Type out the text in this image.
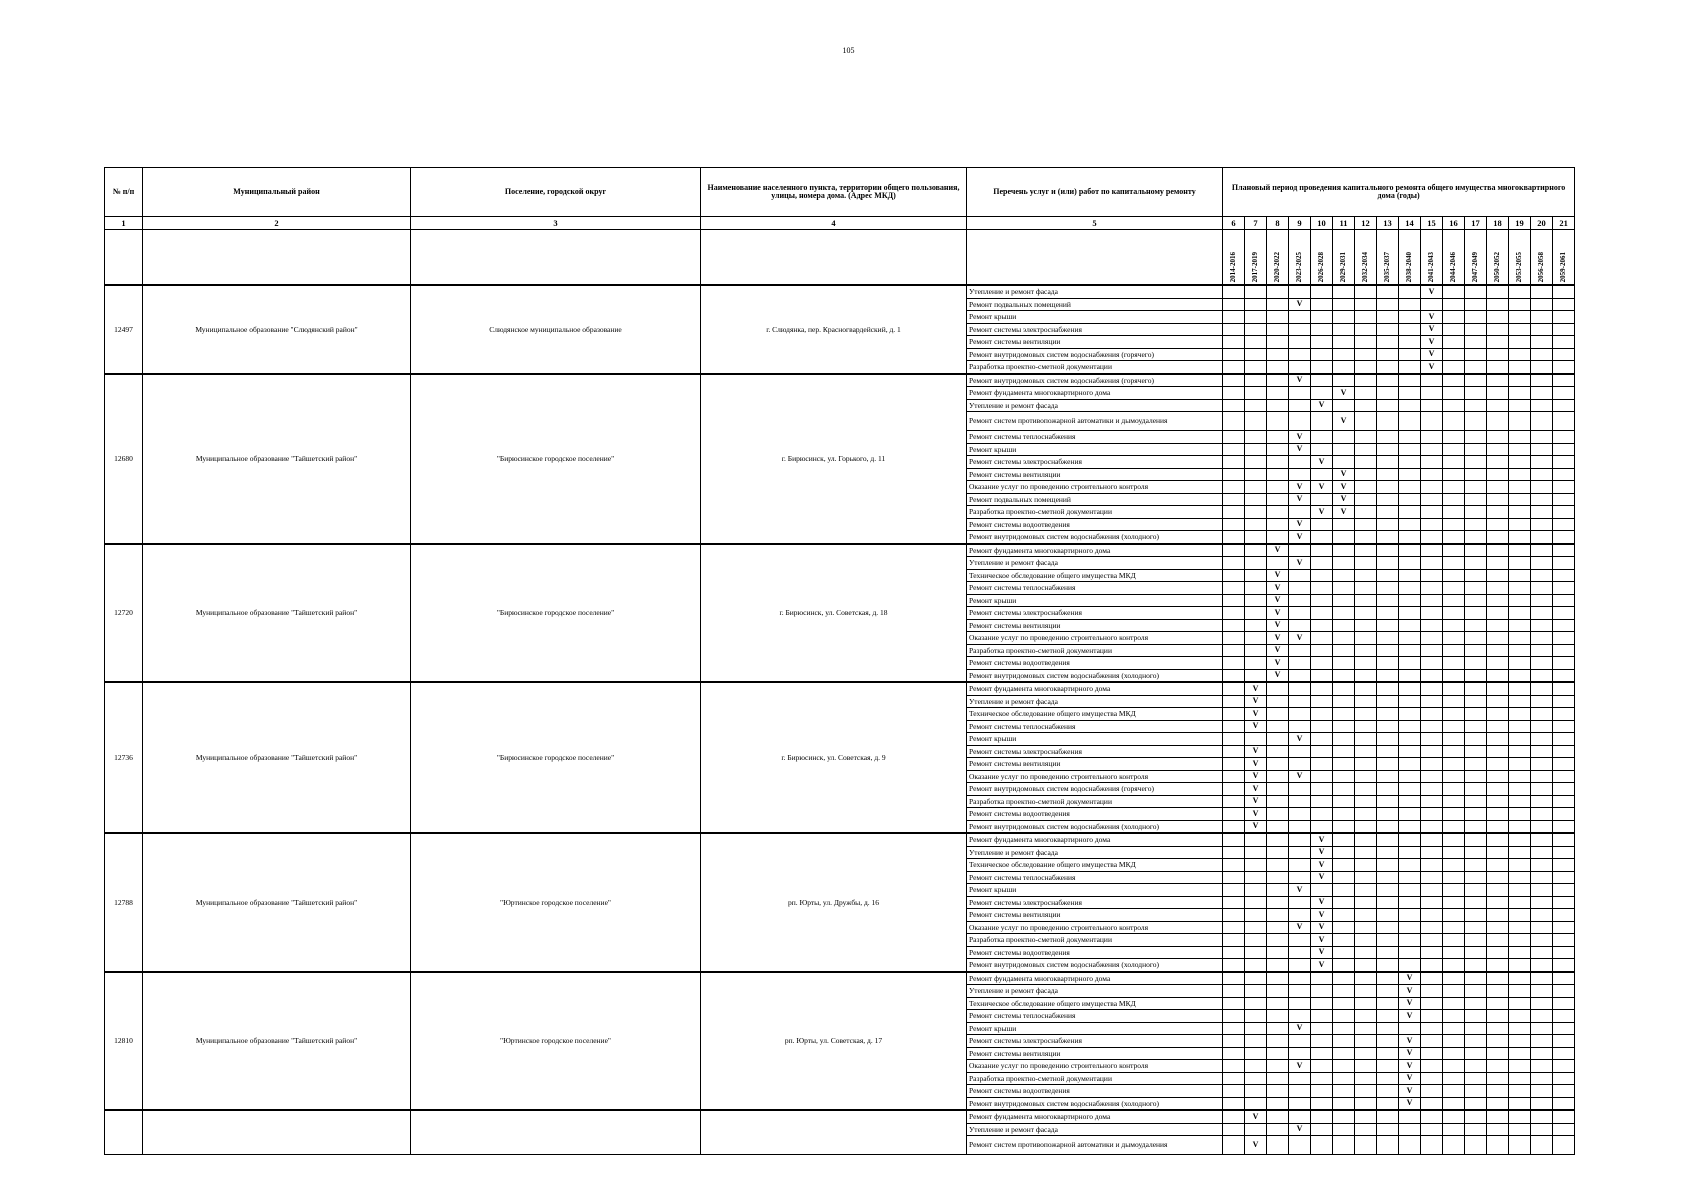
105
№ п/п	Муниципальный район	Поселение, городской округ	Наименование населенного пункта, территории общего пользования, улицы, номера дома. (Адрес МКД)	Перечень услуг и (или) работ по капитальному ремонту	Плановый период проведения капитального ремонта общего имущества многоквартирного дома (годы)															
1	2	3	4	5	6	7	8	9	10	11	12	13	14	15	16	17	18	19	20	21

					2014-2016	2017-2019	2020-2022	2023-2025	2026-2028	2029-2031	2032-2034	2035-2037	2038-2040	2041-2043	2044-2046	2047-2049	2050-2052	2053-2055	2056-2058	2059-2061

12497	Муниципальное образование "Слюдянский район"	Слюдянское муниципальное образование	г. Слюдянка, пер. Красногвардейский, д. 1	Утепление и ремонт фасада										V						
				Ремонт подвальных помещений				V												
				Ремонт крыши										V						
				Ремонт системы электроснабжения										V						
				Ремонт системы вентиляции										V						
				Ремонт внутридомовых систем водоснабжения (горячего)										V						
				Разработка проектно-сметной документации										V						
12680	Муниципальное образование "Тайшетский район"	"Бирюсинское городское поселение"	г. Бирюсинск, ул. Горького, д. 11	Ремонт внутридомовых систем водоснабжения (горячего)				V												
				Ремонт фундамента многоквартирного дома						V										
				Утепление и ремонт фасада					V											
				Ремонт систем противопожарной автоматики и дымоудаления						V										
				Ремонт системы теплоснабжения				V												
				Ремонт крыши				V												
				Ремонт системы электроснабжения					V											
				Ремонт системы вентиляции						V										
				Оказание услуг по проведению строительного контроля				V	V	V										
				Ремонт подвальных помещений				V		V										
				Разработка проектно-сметной документации					V	V										
				Ремонт системы водоотведения				V												
				Ремонт внутридомовых систем водоснабжения (холодного)				V												
12720	Муниципальное образование "Тайшетский район"	"Бирюсинское городское поселение"	г. Бирюсинск, ул. Советская, д. 18	Ремонт фундамента многоквартирного дома			V													
				Утепление и ремонт фасада				V												
				Техническое обследование общего имущества МКД			V													
				Ремонт системы теплоснабжения			V													
				Ремонт крыши			V													
				Ремонт системы электроснабжения			V													
				Ремонт системы вентиляции			V													
				Оказание услуг по проведению строительного контроля			V	V												
				Разработка проектно-сметной документации			V													
				Ремонт системы водоотведения			V													
				Ремонт внутридомовых систем водоснабжения (холодного)			V													
12736	Муниципальное образование "Тайшетский район"	"Бирюсинское городское поселение"	г. Бирюсинск, ул. Советская, д. 9	Ремонт фундамента многоквартирного дома		V														
				Утепление и ремонт фасада		V														
				Техническое обследование общего имущества МКД		V														
				Ремонт системы теплоснабжения		V														
				Ремонт крыши				V												
				Ремонт системы электроснабжения		V														
				Ремонт системы вентиляции		V														
				Оказание услуг по проведению строительного контроля		V		V												
				Ремонт внутридомовых систем водоснабжения (горячего)		V														
				Разработка проектно-сметной документации		V														
				Ремонт системы водоотведения		V														
				Ремонт внутридомовых систем водоснабжения (холодного)		V														
12788	Муниципальное образование "Тайшетский район"	"Юртинское городское поселение"	рп. Юрты, ул. Дружбы, д. 16	Ремонт фундамента многоквартирного дома					V											
				Утепление и ремонт фасада					V											
				Техническое обследование общего имущества МКД					V											
				Ремонт системы теплоснабжения					V											
				Ремонт крыши				V												
				Ремонт системы электроснабжения					V											
				Ремонт системы вентиляции					V											
				Оказание услуг по проведению строительного контроля				V	V											
				Разработка проектно-сметной документации					V											
				Ремонт системы водоотведения					V											
				Ремонт внутридомовых систем водоснабжения (холодного)					V											
12810	Муниципальное образование "Тайшетский район"	"Юртинское городское поселение"	рп. Юрты, ул. Советская, д. 17	Ремонт фундамента многоквартирного дома									V							
				Утепление и ремонт фасада									V							
				Техническое обследование общего имущества МКД									V							
				Ремонт системы теплоснабжения									V							
				Ремонт крыши				V												
				Ремонт системы электроснабжения									V							
				Ремонт системы вентиляции									V							
				Оказание услуг по проведению строительного контроля				V					V							
				Разработка проектно-сметной документации									V							
				Ремонт системы водоотведения									V							
				Ремонт внутридомовых систем водоснабжения (холодного)									V							
				Ремонт фундамента многоквартирного дома		V														
				Утепление и ремонт фасада				V												
				Ремонт систем противопожарной автоматики и дымоудаления		V														
